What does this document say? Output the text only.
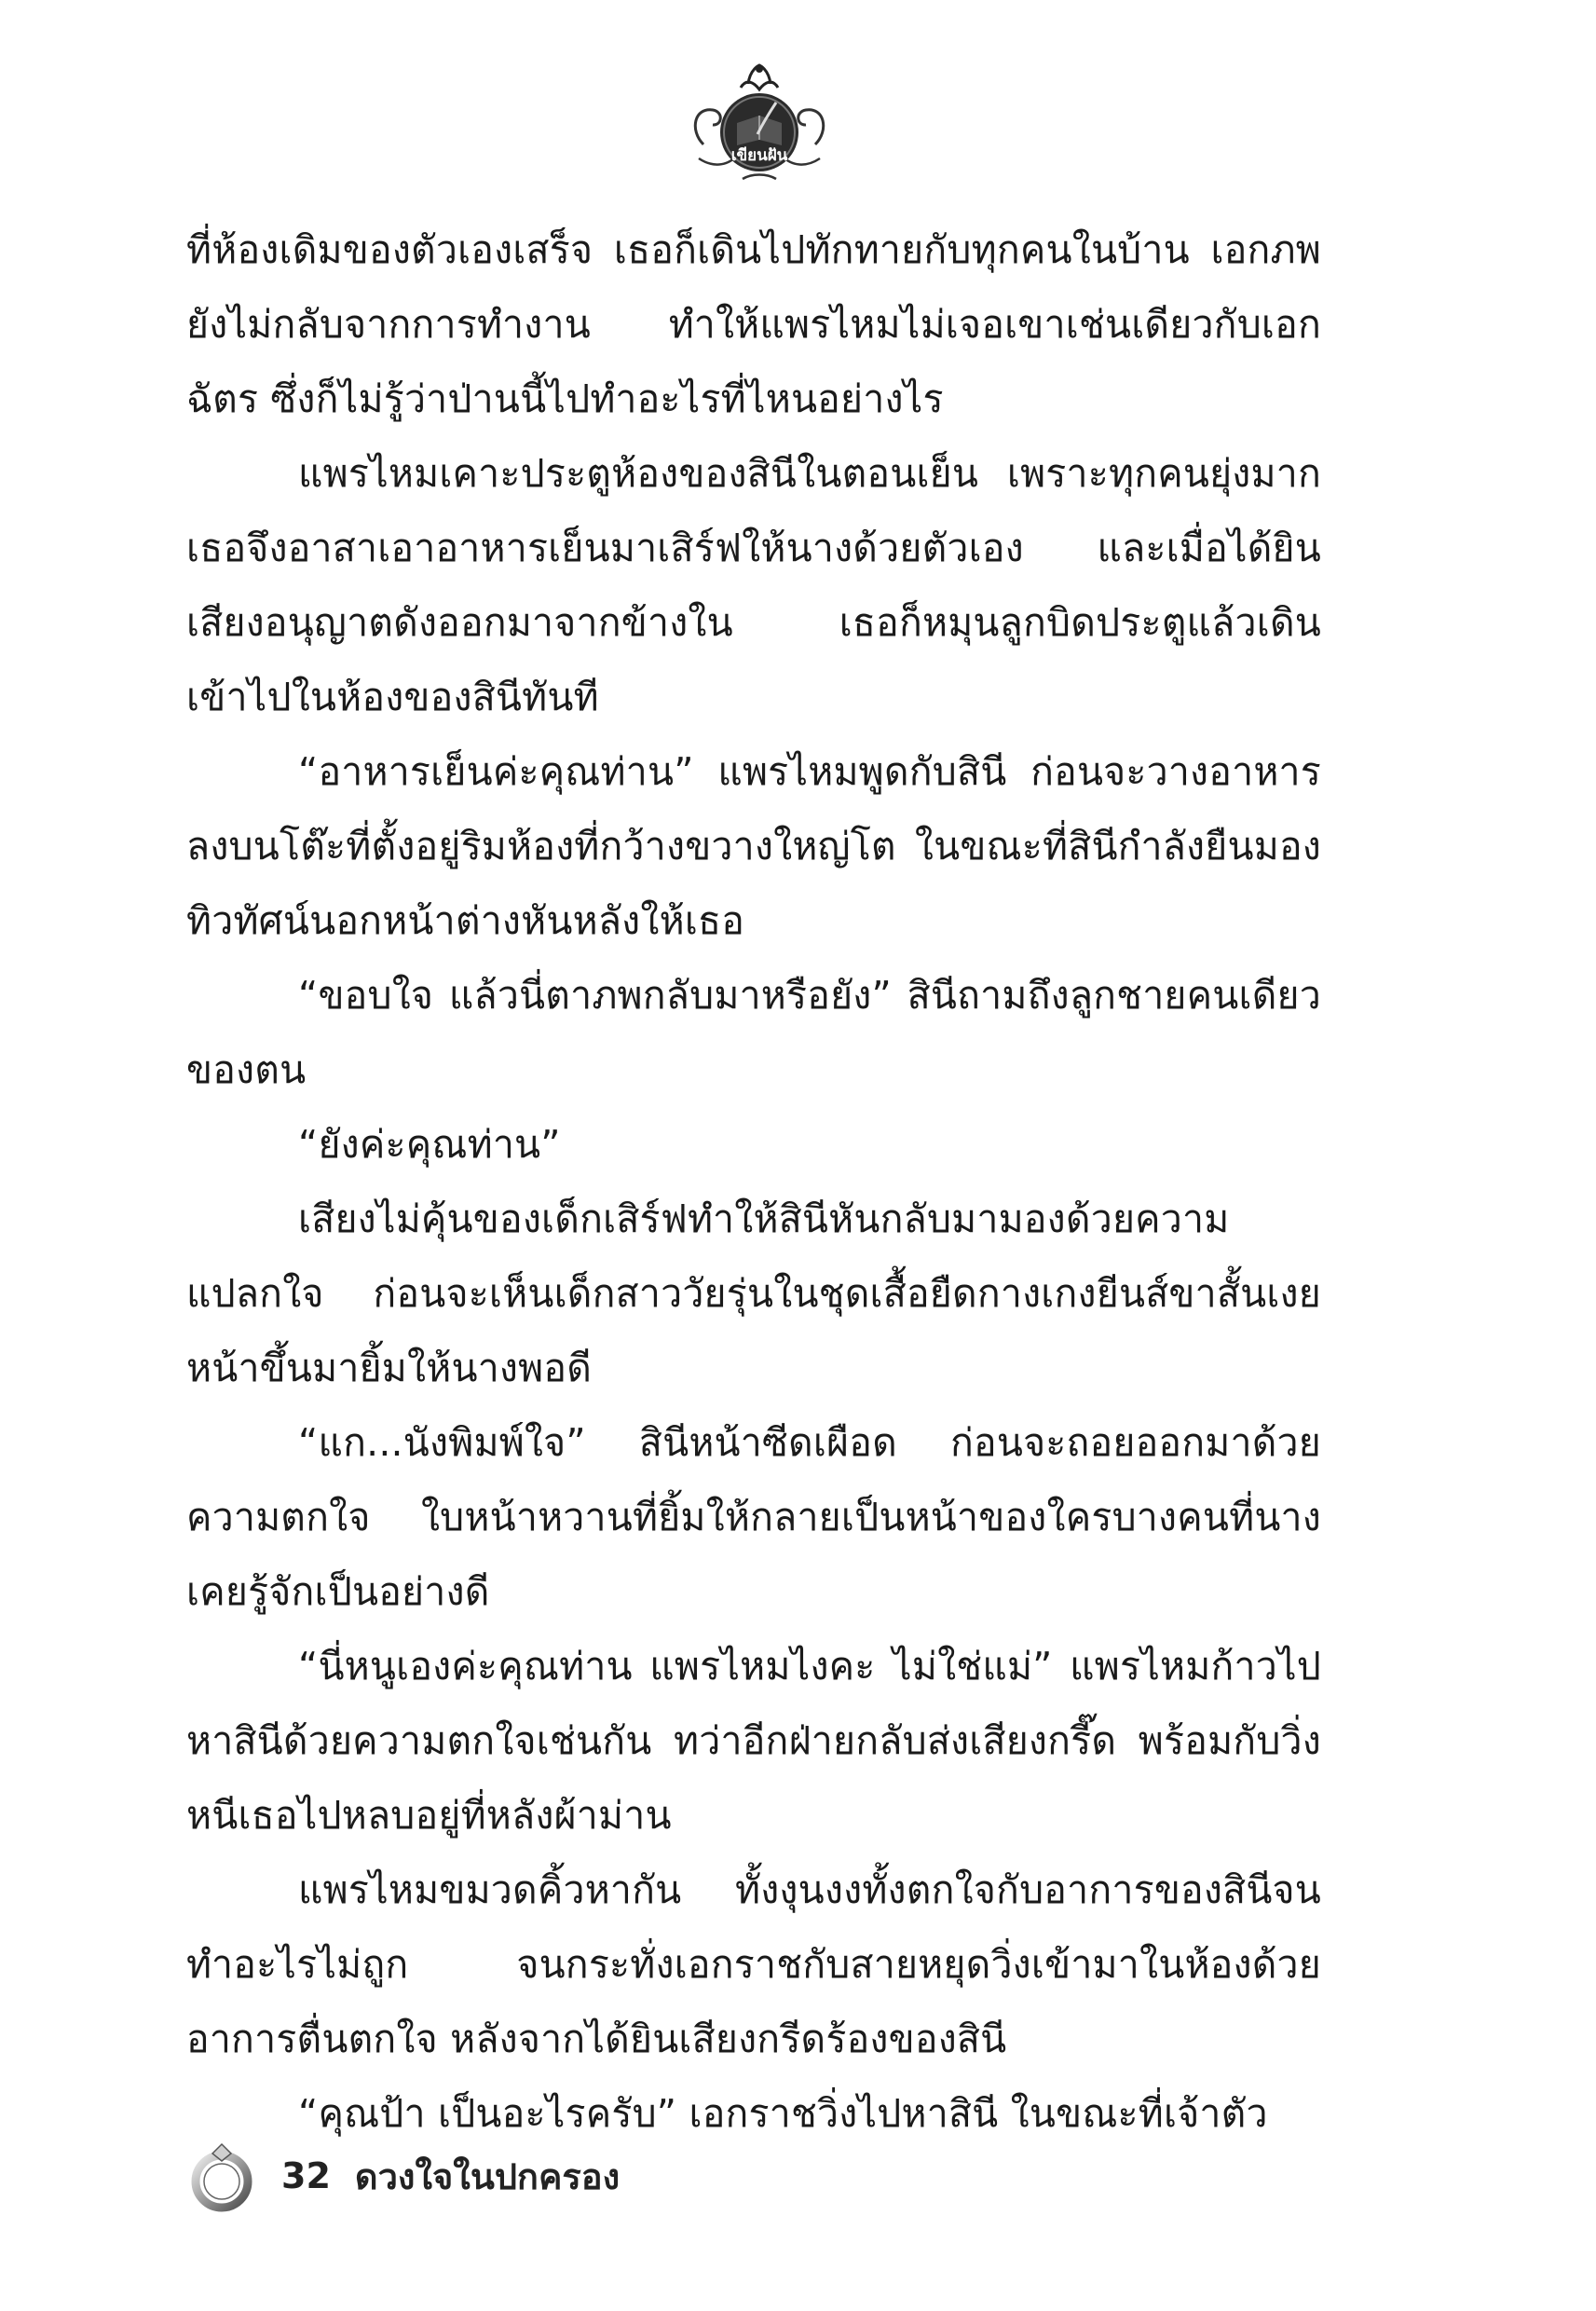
เขียนฝัน

ที่ห้องเดิมของตัวเองเสร็จ เธอก็เดินไปทักทายกับทุกคนในบ้าน เอกภพยังไม่กลับจากการทำงาน ทำให้แพรไหมไม่เจอเขาเช่นเดียวกับเอกฉัตร ซึ่งก็ไม่รู้ว่าป่านนี้ไปทำอะไรที่ไหนอย่างไร

แพรไหมเคาะประตูห้องของสินีในตอนเย็น เพราะทุกคนยุ่งมาก เธอจึงอาสาเอาอาหารเย็นมาเสิร์ฟให้นางด้วยตัวเอง และเมื่อได้ยินเสียงอนุญาตดังออกมาจากข้างใน เธอก็หมุนลูกบิดประตูแล้วเดินเข้าไปในห้องของสินีทันที

“อาหารเย็นค่ะคุณท่าน” แพรไหมพูดกับสินี ก่อนจะวางอาหารลงบนโต๊ะที่ตั้งอยู่ริมห้องที่กว้างขวางใหญ่โต ในขณะที่สินีกำลังยืนมองทิวทัศน์นอกหน้าต่างหันหลังให้เธอ

“ขอบใจ แล้วนี่ตาภพกลับมาหรือยัง” สินีถามถึงลูกชายคนเดียวของตน

“ยังค่ะคุณท่าน”

เสียงไม่คุ้นของเด็กเสิร์ฟทำให้สินีหันกลับมามองด้วยความแปลกใจ ก่อนจะเห็นเด็กสาววัยรุ่นในชุดเสื้อยืดกางเกงยีนส์ขาสั้นเงยหน้าขึ้นมายิ้มให้นางพอดี

“แก...นังพิมพ์ใจ” สินีหน้าซีดเผือด ก่อนจะถอยออกมาด้วยความตกใจ ใบหน้าหวานที่ยิ้มให้กลายเป็นหน้าของใครบางคนที่นางเคยรู้จักเป็นอย่างดี

“นี่หนูเองค่ะคุณท่าน แพรไหมไงคะ ไม่ใช่แม่” แพรไหมก้าวไปหาสินีด้วยความตกใจเช่นกัน ทว่าอีกฝ่ายกลับส่งเสียงกรี๊ด พร้อมกับวิ่งหนีเธอไปหลบอยู่ที่หลังผ้าม่าน

แพรไหมขมวดคิ้วหากัน ทั้งงุนงงทั้งตกใจกับอาการของสินีจนทำอะไรไม่ถูก จนกระทั่งเอกราชกับสายหยุดวิ่งเข้ามาในห้องด้วยอาการตื่นตกใจ หลังจากได้ยินเสียงกรีดร้องของสินี

“คุณป้า เป็นอะไรครับ” เอกราชวิ่งไปหาสินี ในขณะที่เจ้าตัว

32 ดวงใจในปกครอง
